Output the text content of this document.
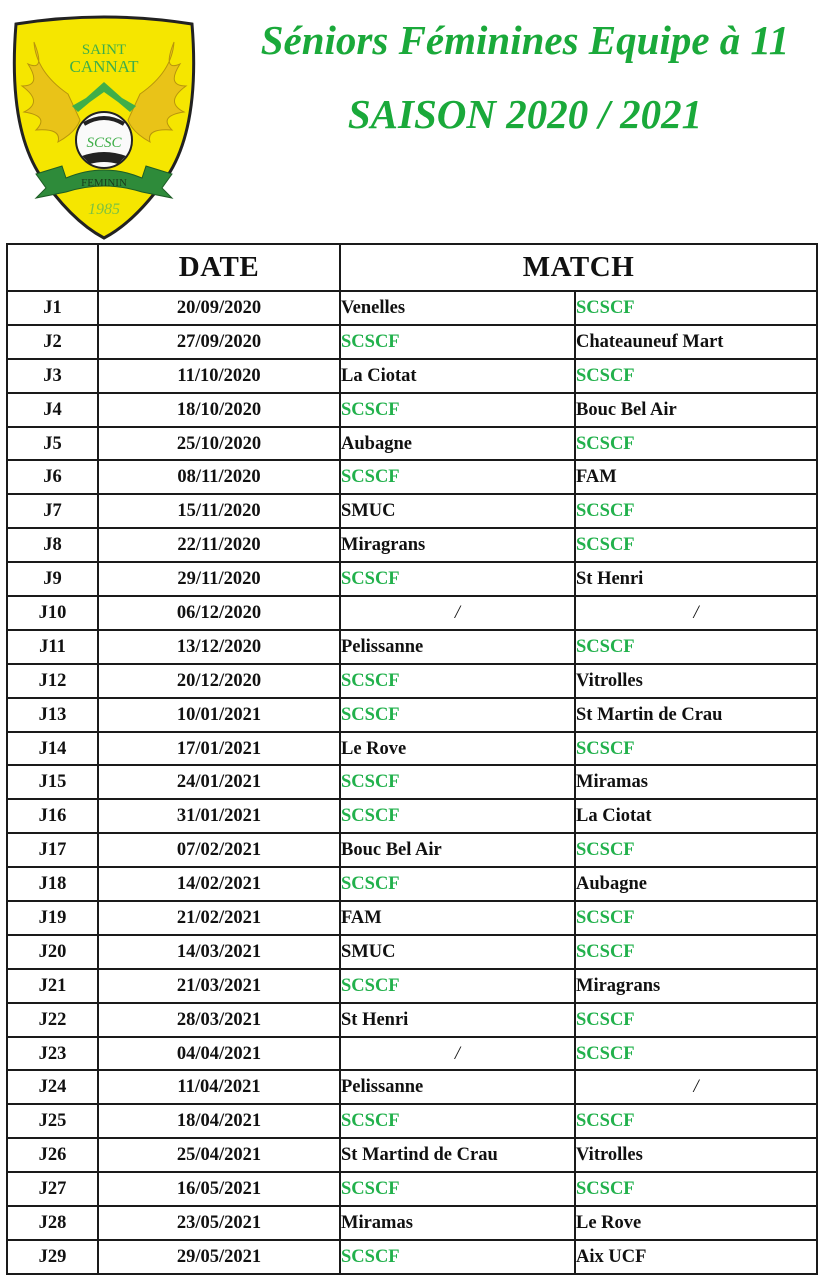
SCSC
FEMININ
SAINT
CANNAT
1985
Séniors Féminines Equipe à 11
SAISON 2020 / 2021
	DATE	MATCH	
J1	20/09/2020	Venelles	SCSCF
J2	27/09/2020	SCSCF	Chateauneuf Mart
J3	11/10/2020	La Ciotat	SCSCF
J4	18/10/2020	SCSCF	Bouc Bel Air
J5	25/10/2020	Aubagne	SCSCF
J6	08/11/2020	SCSCF	FAM
J7	15/11/2020	SMUC	SCSCF
J8	22/11/2020	Miragrans	SCSCF
J9	29/11/2020	SCSCF	St Henri
J10	06/12/2020	/	/
J11	13/12/2020	Pelissanne	SCSCF
J12	20/12/2020	SCSCF	Vitrolles
J13	10/01/2021	SCSCF	St Martin de Crau
J14	17/01/2021	Le Rove	SCSCF
J15	24/01/2021	SCSCF	Miramas
J16	31/01/2021	SCSCF	La Ciotat
J17	07/02/2021	Bouc Bel Air	SCSCF
J18	14/02/2021	SCSCF	Aubagne
J19	21/02/2021	FAM	SCSCF
J20	14/03/2021	SMUC	SCSCF
J21	21/03/2021	SCSCF	Miragrans
J22	28/03/2021	St Henri	SCSCF
J23	04/04/2021	/	SCSCF
J24	11/04/2021	Pelissanne	/
J25	18/04/2021	SCSCF	SCSCF
J26	25/04/2021	St Martind de Crau	Vitrolles
J27	16/05/2021	SCSCF	SCSCF
J28	23/05/2021	Miramas	Le Rove
J29	29/05/2021	SCSCF	Aix UCF
